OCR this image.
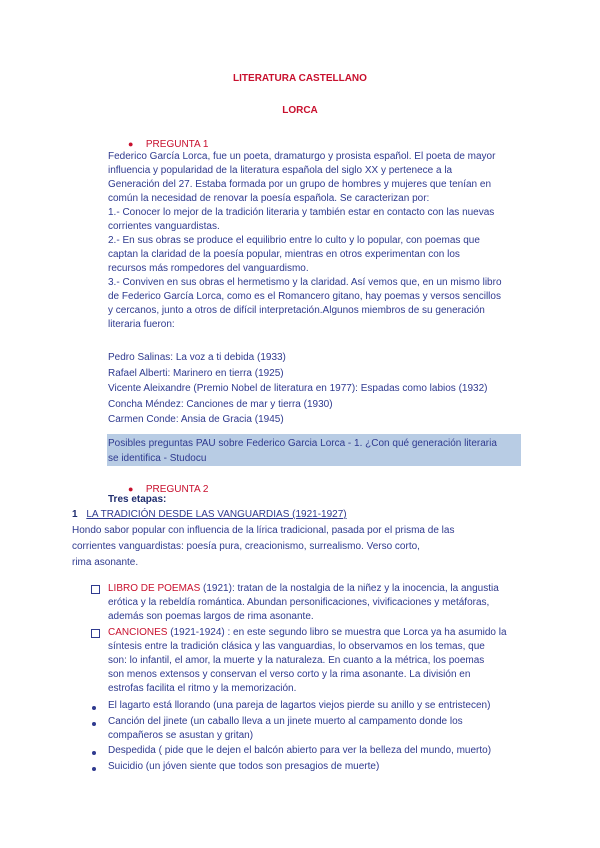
LITERATURA CASTELLANO
LORCA
● PREGUNTA 1
Federico García Lorca, fue un poeta, dramaturgo y prosista español. El poeta de mayor
influencia y popularidad de la literatura española del siglo XX y pertenece a la
Generación del 27. Estaba formada por un grupo de hombres y mujeres que tenían en
común la necesidad de renovar la poesía española. Se caracterizan por:
1.- Conocer lo mejor de la tradición literaria y también estar en contacto con las nuevas
corrientes vanguardistas.
2.- En sus obras se produce el equilibrio entre lo culto y lo popular, con poemas que
captan la claridad de la poesía popular, mientras en otros experimentan con los
recursos más rompedores del vanguardismo.
3.- Conviven en sus obras el hermetismo y la claridad. Así vemos que, en un mismo libro
de Federico García Lorca, como es el Romancero gitano, hay poemas y versos sencillos
y cercanos, junto a otros de difícil interpretación.Algunos miembros de su generación
literaria fueron:
Pedro Salinas: La voz a ti debida (1933)
Rafael Alberti: Marinero en tierra (1925)
Vicente Aleixandre (Premio Nobel de literatura en 1977): Espadas como labios (1932)
Concha Méndez: Canciones de mar y tierra (1930)
Carmen Conde: Ansia de Gracia (1945)
Posibles preguntas PAU sobre Federico Garcia Lorca - 1. ¿Con qué generación literaria
se identifica - Studocu
● PREGUNTA 2
Tres etapas:
1 LA TRADICIÓN DESDE LAS VANGUARDIAS (1921-1927)
Hondo sabor popular con influencia de la lírica tradicional, pasada por el prisma de las
corrientes vanguardistas: poesía pura, creacionismo, surrealismo. Verso corto,
rima asonante.
LIBRO DE POEMAS (1921): tratan de la nostalgia de la niñez y la inocencia, la angustia
erótica y la rebeldía romántica. Abundan personificaciones, vivificaciones y metáforas,
además son poemas largos de rima asonante.
CANCIONES (1921-1924) : en este segundo libro se muestra que Lorca ya ha asumido la
síntesis entre la tradición clásica y las vanguardias, lo observamos en los temas, que
son: lo infantil, el amor, la muerte y la naturaleza. En cuanto a la métrica, los poemas
son menos extensos y conservan el verso corto y la rima asonante. La división en
estrofas facilita el ritmo y la memorización.
El lagarto está llorando (una pareja de lagartos viejos pierde su anillo y se entristecen)
Canción del jinete (un caballo lleva a un jinete muerto al campamento donde los
compañeros se asustan y gritan)
Despedida ( pide que le dejen el balcón abierto para ver la belleza del mundo, muerto)
Suicidio (un jóven siente que todos son presagios de muerte)
